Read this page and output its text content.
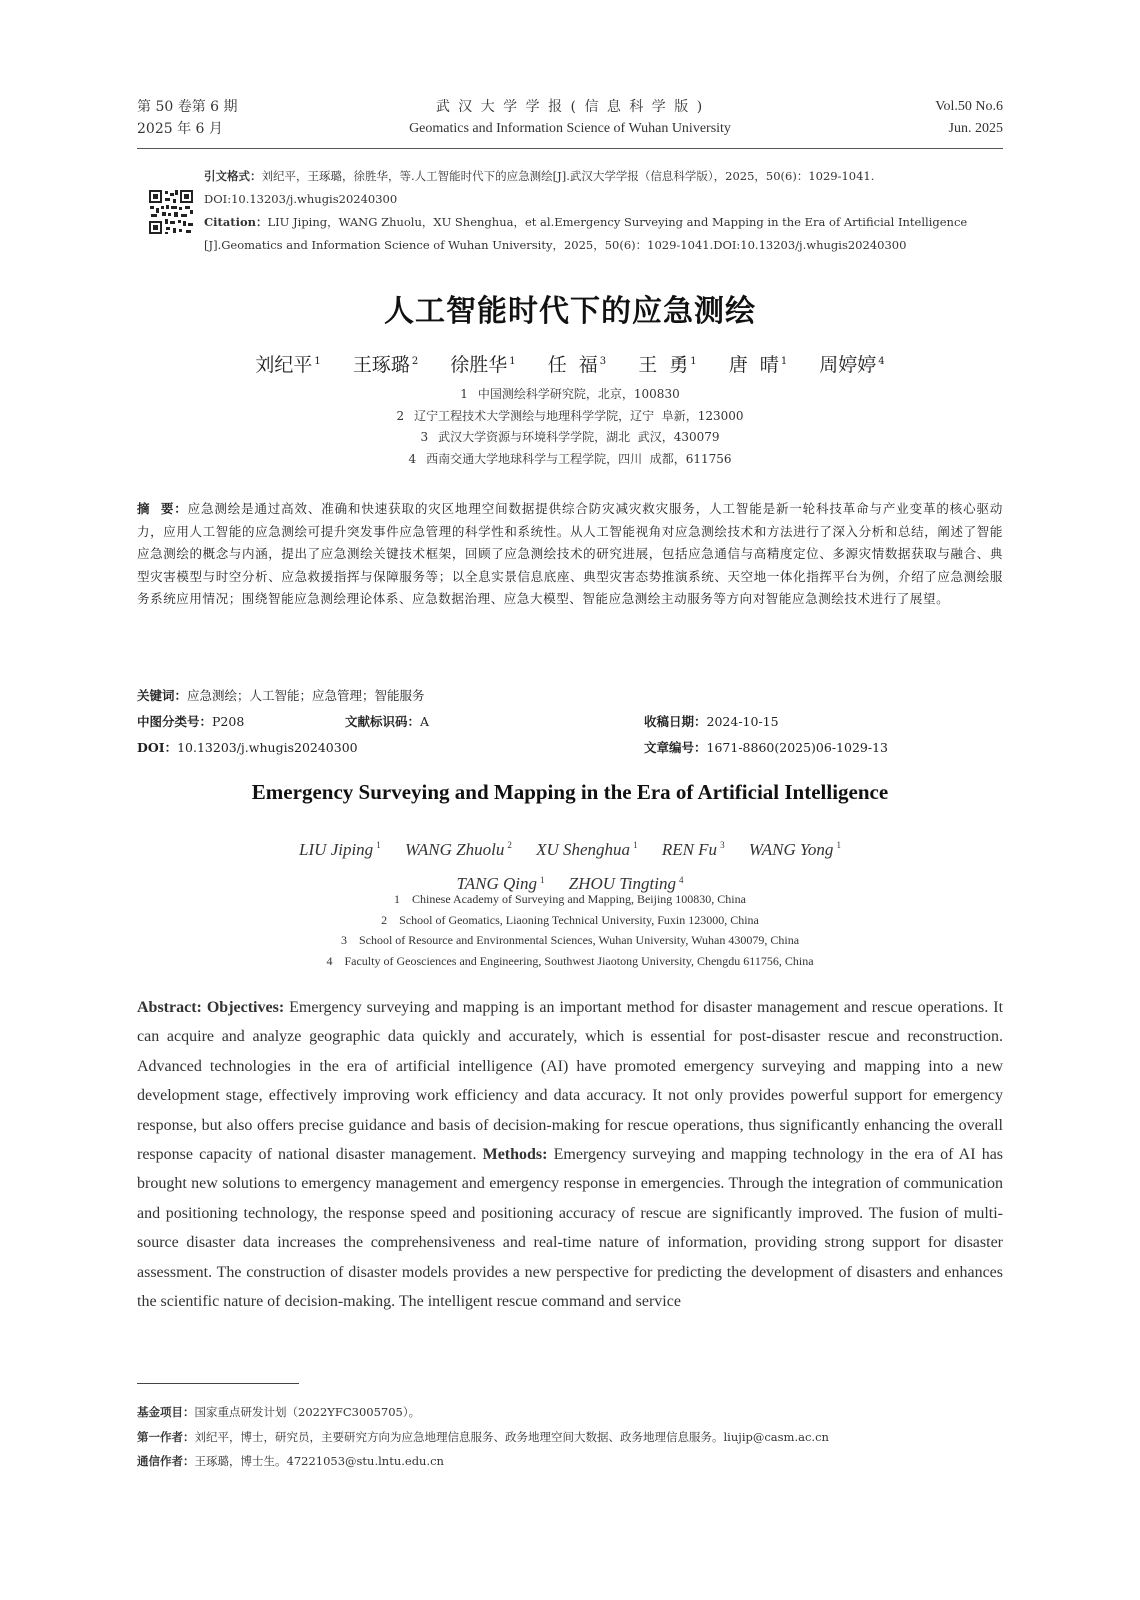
第 50 卷第 6 期
2025 年 6 月
武 汉 大 学 学 报 ( 信 息 科 学 版 )
Geomatics and Information Science of Wuhan University
Vol.50 No.6
Jun. 2025
引文格式：刘纪平，王琢璐，徐胜华，等.人工智能时代下的应急测绘[J].武汉大学学报（信息科学版），2025，50(6)：1029-1041.
DOI:10.13203/j.whugis20240300
Citation：LIU Jiping，WANG Zhuolu，XU Shenghua，et al.Emergency Surveying and Mapping in the Era of Artificial Intelligence
[J].Geomatics and Information Science of Wuhan University，2025，50(6)：1029-1041.DOI:10.13203/j.whugis20240300
人工智能时代下的应急测绘
刘纪平 $^1$ 王琢璐 $^2$ 徐胜华 $^1$ 任  福 $^3$ 王  勇 $^1$ 唐  晴 $^1$ 周婷婷 $^4$
1 中国测绘科学研究院，北京，100830
2 辽宁工程技术大学测绘与地理科学学院，辽宁  阜新，123000
3 武汉大学资源与环境科学学院，湖北  武汉，430079
4 西南交通大学地球科学与工程学院，四川  成都，611756
摘  要：应急测绘是通过高效、准确和快速获取的灾区地理空间数据提供综合防灾减灾救灾服务，人工智能是新一轮科技革命与产业变革的核心驱动力，应用人工智能的应急测绘可提升突发事件应急管理的科学性和系统性。从人工智能视角对应急测绘技术和方法进行了深入分析和总结，阐述了智能应急测绘的概念与内涵，提出了应急测绘关键技术框架，回顾了应急测绘技术的研究进展，包括应急通信与高精度定位、多源灾情数据获取与融合、典型灾害模型与时空分析、应急救援指挥与保障服务等；以全息实景信息底座、典型灾害态势推演系统、天空地一体化指挥平台为例，介绍了应急测绘服务系统应用情况；围绕智能应急测绘理论体系、应急数据治理、应急大模型、智能应急测绘主动服务等方向对智能应急测绘技术进行了展望。
关键词：应急测绘；人工智能；应急管理；智能服务
中图分类号：P208	文献标识码：A	收稿日期：2024-10-15
DOI：10.13203/j.whugis20240300	文章编号：1671-8860(2025)06-1029-13
Emergency Surveying and Mapping in the Era of Artificial Intelligence
LIU Jiping $^1$ WANG Zhuolu $^2$ XU Shenghua $^1$ REN Fu $^3$ WANG Yong $^1$
TANG Qing $^1$ ZHOU Tingting $^4$
1 Chinese Academy of Surveying and Mapping, Beijing 100830, China
2 School of Geomatics, Liaoning Technical University, Fuxin 123000, China
3 School of Resource and Environmental Sciences, Wuhan University, Wuhan 430079, China
4 Faculty of Geosciences and Engineering, Southwest Jiaotong University, Chengdu 611756, China
Abstract: Objectives: Emergency surveying and mapping is an important method for disaster management and rescue operations. It can acquire and analyze geographic data quickly and accurately, which is essential for post-disaster rescue and reconstruction. Advanced technologies in the era of artificial intelligence (AI) have promoted emergency surveying and mapping into a new development stage, effectively improving work efficiency and data accuracy. It not only provides powerful support for emergency response, but also offers precise guidance and basis of decision-making for rescue operations, thus significantly enhancing the overall response capacity of national disaster management. Methods: Emergency surveying and mapping technology in the era of AI has brought new solutions to emergency management and emergency response in emergencies. Through the integration of communication and positioning technology, the response speed and positioning accuracy of rescue are significantly improved. The fusion of multi-source disaster data increases the comprehensiveness and real-time nature of information, providing strong support for disaster assessment. The construction of disaster models provides a new perspective for predicting the development of disasters and enhances the scientific nature of decision-making. The intelligent rescue command and service
基金项目：国家重点研发计划（2022YFC3005705）。
第一作者：刘纪平，博士，研究员，主要研究方向为应急地理信息服务、政务地理空间大数据、政务地理信息服务。liujip@casm.ac.cn
通信作者：王琢璐，博士生。47221053@stu.lntu.edu.cn
